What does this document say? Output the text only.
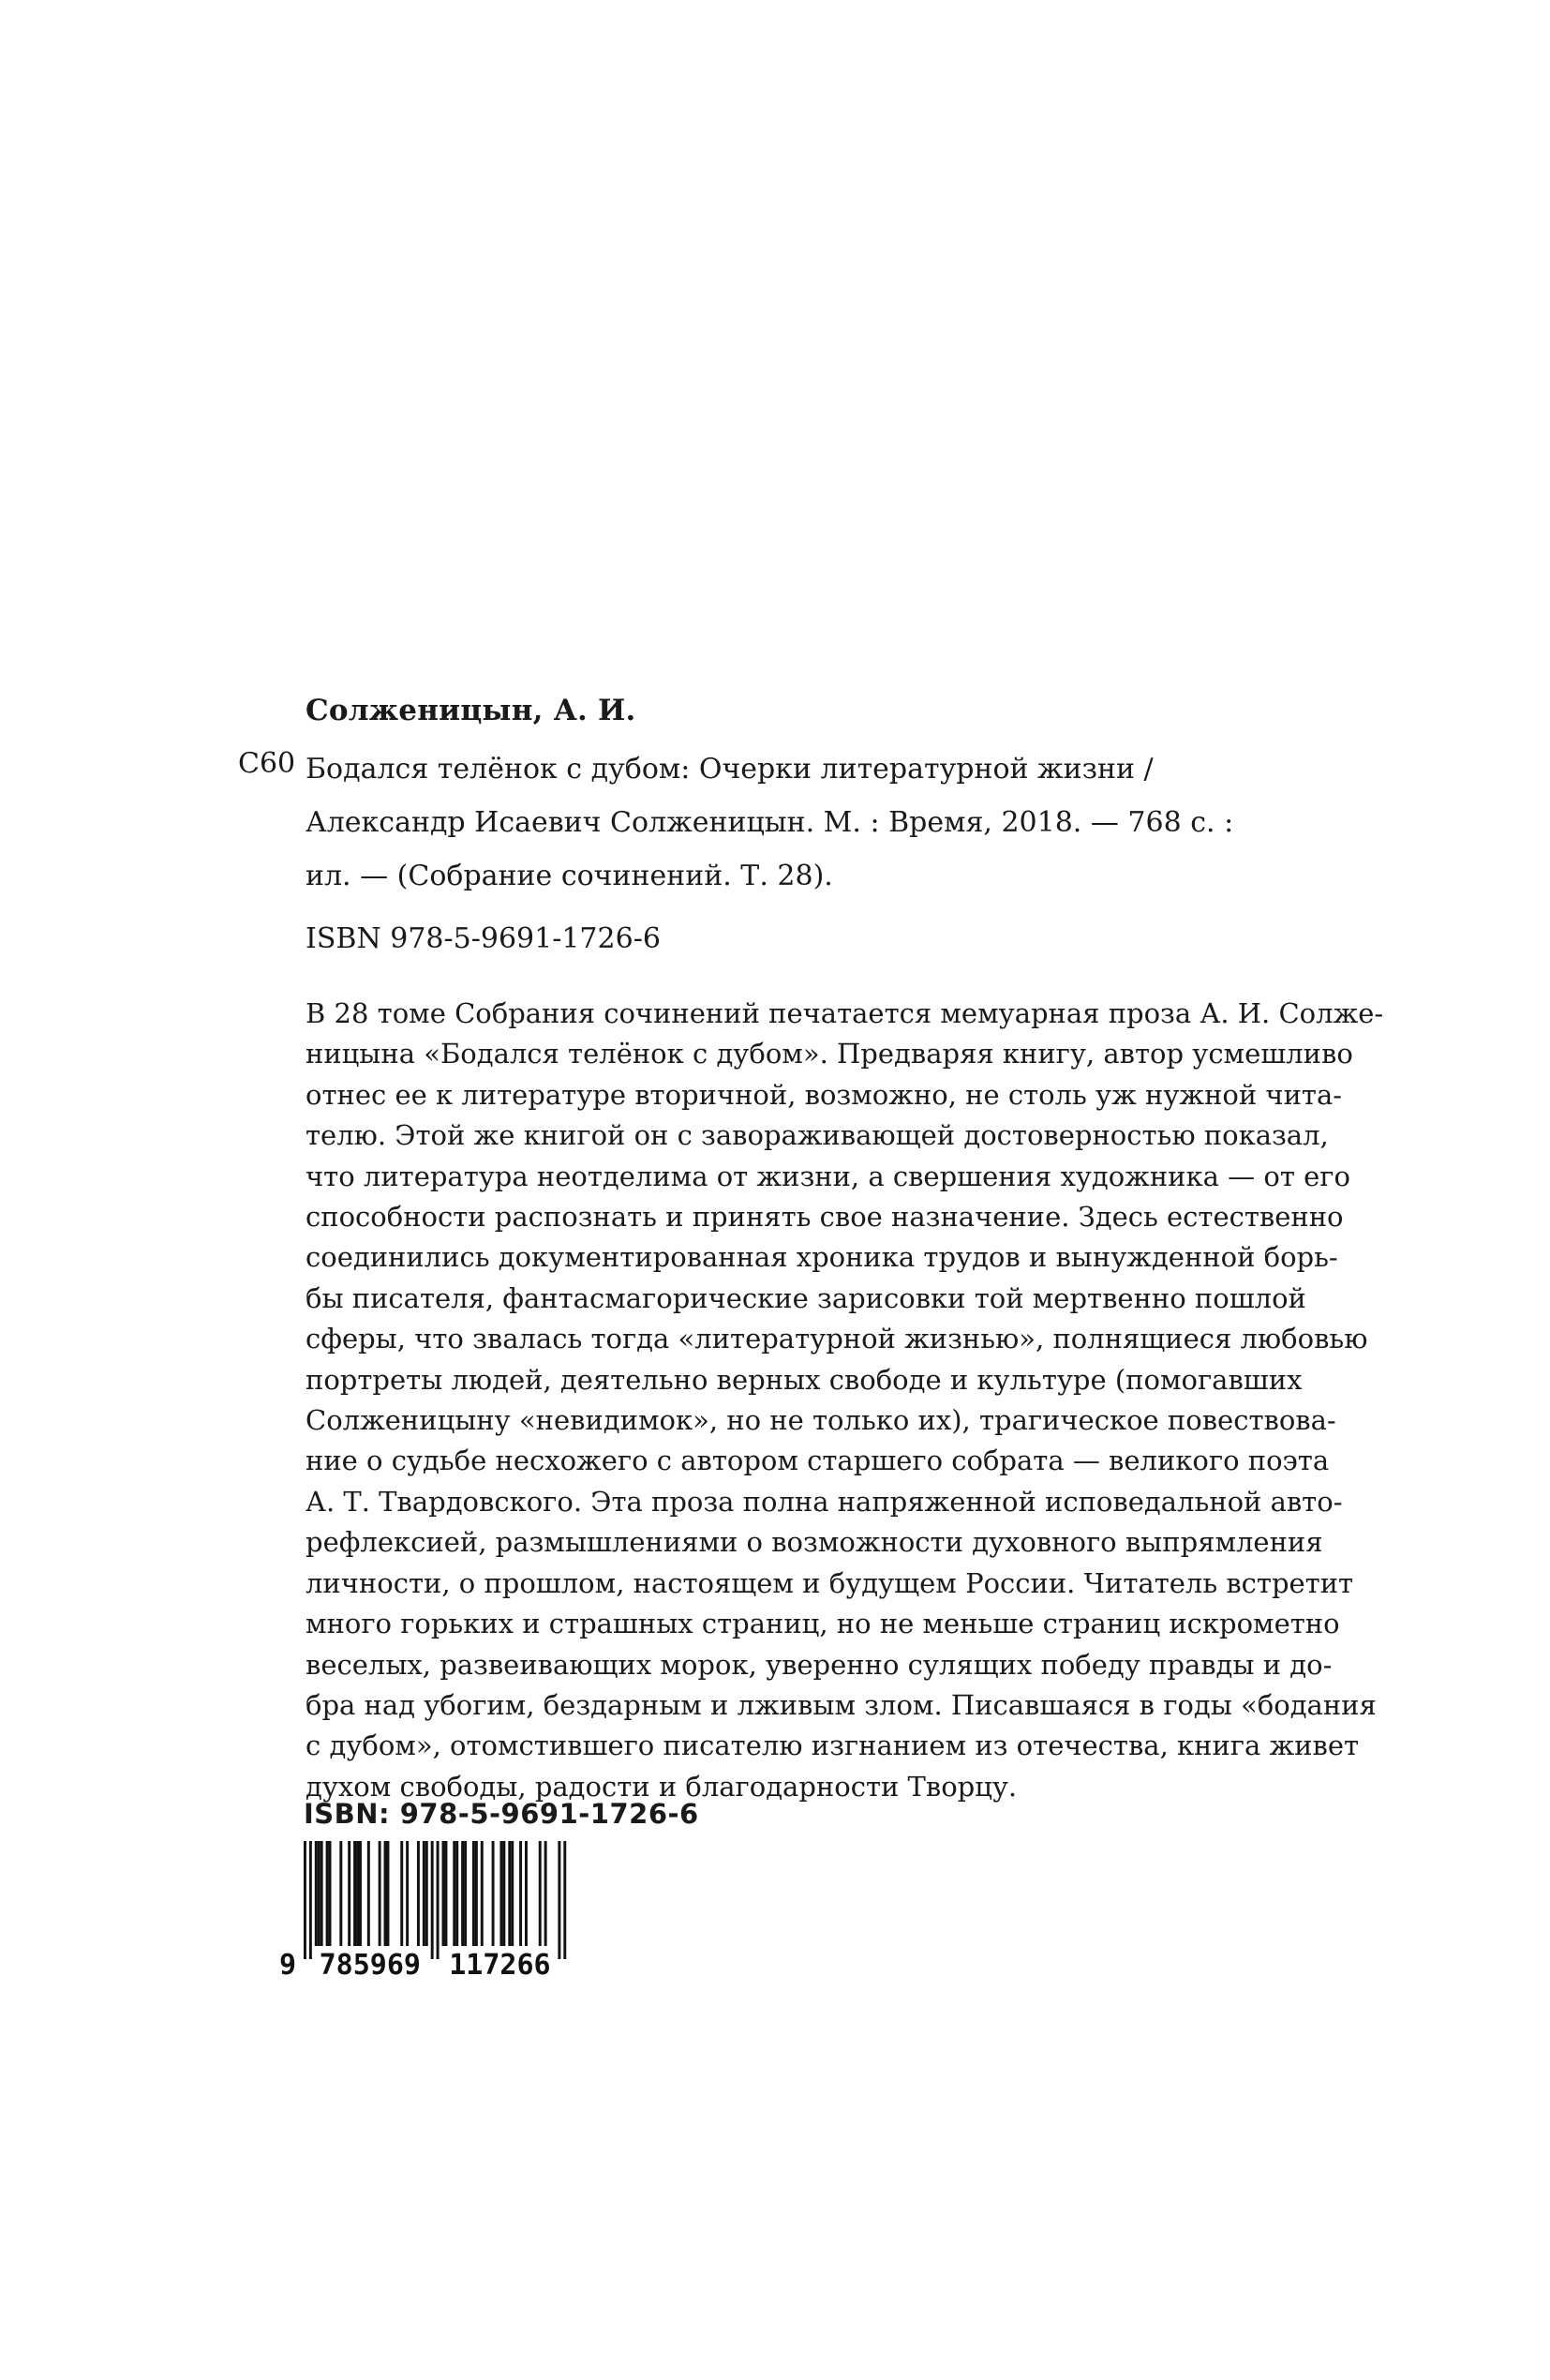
Солженицын, А. И.
С60 Бодался телёнок с дубом: Очерки литературной жизни /
Александр Исаевич Солженицын. М. : Время, 2018. — 768 с. :
ил. — (Собрание сочинений. Т. 28).
ISBN 978-5-9691-1726-6
В 28 томе Собрания сочинений печатается мемуарная проза А. И. Солже-
ницына «Бодался телёнок с дубом». Предваряя книгу, автор усмешливо
отнес ее к литературе вторичной, возможно, не столь уж нужной чита-
телю. Этой же книгой он с завораживающей достоверностью показал,
что литература неотделима от жизни, а свершения художника — от его
способности распознать и принять свое назначение. Здесь естественно
соединились документированная хроника трудов и вынужденной борь-
бы писателя, фантасмагорические зарисовки той мертвенно пошлой
сферы, что звалась тогда «литературной жизнью», полнящиеся любовью
портреты людей, деятельно верных свободе и культуре (помогавших
Солженицыну «невидимок», но не только их), трагическое повествова-
ние о судьбе несхожего с автором старшего собрата — великого поэта
А. Т. Твардовского. Эта проза полна напряженной исповедальной авто-
рефлексией, размышлениями о возможности духовного выпрямления
личности, о прошлом, настоящем и будущем России. Читатель встретит
много горьких и страшных страниц, но не меньше страниц искрометно
веселых, развеивающих морок, уверенно сулящих победу правды и до-
бра над убогим, бездарным и лживым злом. Писавшаяся в годы «бодания
с дубом», отомстившего писателю изгнанием из отечества, книга живет
духом свободы, радости и благодарности Творцу.
ISBN: 978-5-9691-1726-6
9 785969 117266
